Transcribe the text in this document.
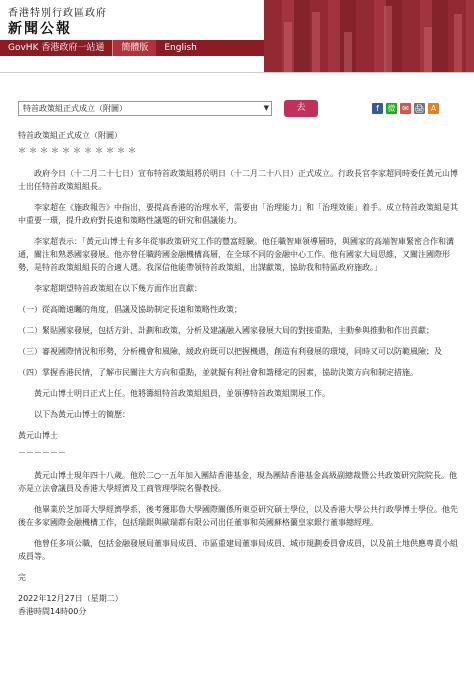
香港特別行政區政府
新聞公報
GovHK 香港政府一站通	簡體版	English
特首政策組正式成立（附圖）	▼	去	f	微 ✉ 🖨 A

特首政策組正式成立（附圖）

＊＊＊＊＊＊＊＊＊＊＊

政府今日（十二月二十七日）宣布特首政策組將於明日（十二月二十八日）正式成立。行政長官李家超同時委任黃元山博士出任特首政策組組長。

李家超在《施政報告》中指出，要提高香港的治理水平，需要由「治理能力」和「治理效能」着手。成立特首政策組是其中重要一環，提升政府對長遠和策略性議題的研究和倡議能力。

李家超表示：「黃元山博士有多年從事政策研究工作的豐富經驗。他任職智庫領導層時，與國家的高端智庫緊密合作和溝通，關注和熟悉國家發展。他亦曾任職跨國金融機構高層，在全球不同的金融中心工作。他有國家大局思維，又關注國際形勢，是特首政策組組長的合適人選。我深信他能帶領特首政策組，出謀獻策，協助我和特區政府施政。」

李家超期望特首政策組在以下幾方面作出貢獻：

（一）從高瞻遠矚的角度，倡議及協助制定長遠和策略性政策；

（二）緊貼國家發展，包括方針、計劃和政策，分析及建議融入國家發展大局的對接重點，主動參與推動和作出貢獻；

（三）審視國際情況和形勢，分析機會和風險，緩政府既可以把握機遇，創造有利發展的環境，同時又可以防範風險；及

（四）掌握香港民情，了解市民關注大方向和重點，並就擬有利社會和諧穩定的因素，協助決策方向和制定措施。

黃元山博士明日正式上任。他將籌組特首政策組組員，並領導特首政策組開展工作。

以下為黃元山博士的簡歷：

黃元山博士

－－－－－－

黃元山博士現年四十八歲。他於二○一五年加入團結香港基金，現為團結香港基金高級副總裁暨公共政策研究院院長。他亦是立法會議員及香港大學經濟及工商管理學院名譽教授。

他畢業於芝加哥大學經濟學系，後考獲耶魯大學國際關係所東亞研究碩士學位，以及香港大學公共行政學博士學位。他先後在多家國際金融機構工作，包括瑞銀與歐瑞都有限公司出任董事和英國蘇格蘭皇家銀行董事總經理。

他曾任多項公職，包括金融發展局董事局成員、市區重建局董事局成員、城市規劃委員會成員，以及前土地供應專責小組成員等。

完

2022年12月27日（星期二）

香港時間14時00分
